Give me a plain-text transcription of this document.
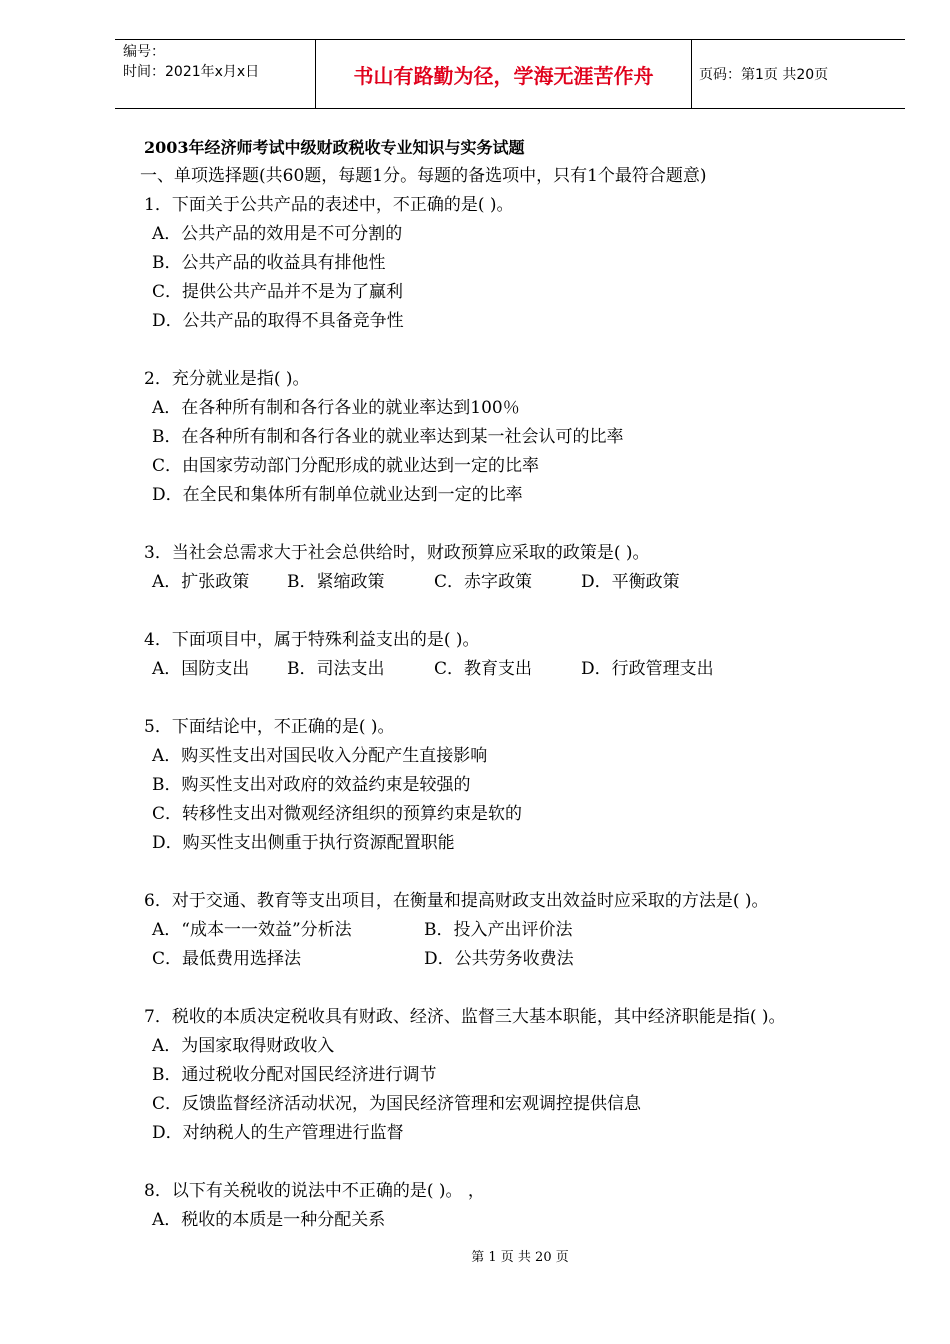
编号：
时间：2021年x月x日	书山有路勤为径，学海无涯苦作舟	页码：第1页 共20页
2003年经济师考试中级财政税收专业知识与实务试题
一、单项选择题(共60题，每题1分。每题的备选项中，只有1个最符合题意)
1．下面关于公共产品的表述中，不正确的是( )。
A．公共产品的效用是不可分割的
B．公共产品的收益具有排他性
C．提供公共产品并不是为了赢利
D．公共产品的取得不具备竞争性
2．充分就业是指( )。
A．在各种所有制和各行各业的就业率达到100％
B．在各种所有制和各行各业的就业率达到某一社会认可的比率
C．由国家劳动部门分配形成的就业达到一定的比率
D．在全民和集体所有制单位就业达到一定的比率
3．当社会总需求大于社会总供给时，财政预算应采取的政策是( )。
A．扩张政策	B．紧缩政策	C．赤字政策	D．平衡政策
4．下面项目中，属于特殊利益支出的是( )。
A．国防支出	B．司法支出	C．教育支出	D．行政管理支出
5．下面结论中，不正确的是( )。
A．购买性支出对国民收入分配产生直接影响
B．购买性支出对政府的效益约束是较强的
C．转移性支出对微观经济组织的预算约束是软的
D．购买性支出侧重于执行资源配置职能
6．对于交通、教育等支出项目，在衡量和提高财政支出效益时应采取的方法是( )。
A．“成本一一效益”分析法	B．投入产出评价法
C．最低费用选择法	D．公共劳务收费法
7．税收的本质决定税收具有财政、经济、监督三大基本职能，其中经济职能是指( )。
A．为国家取得财政收入
B．通过税收分配对国民经济进行调节
C．反馈监督经济活动状况，为国民经济管理和宏观调控提供信息
D．对纳税人的生产管理进行监督
8．以下有关税收的说法中不正确的是( )。 ，
A．税收的本质是一种分配关系
第 1 页 共 20 页
